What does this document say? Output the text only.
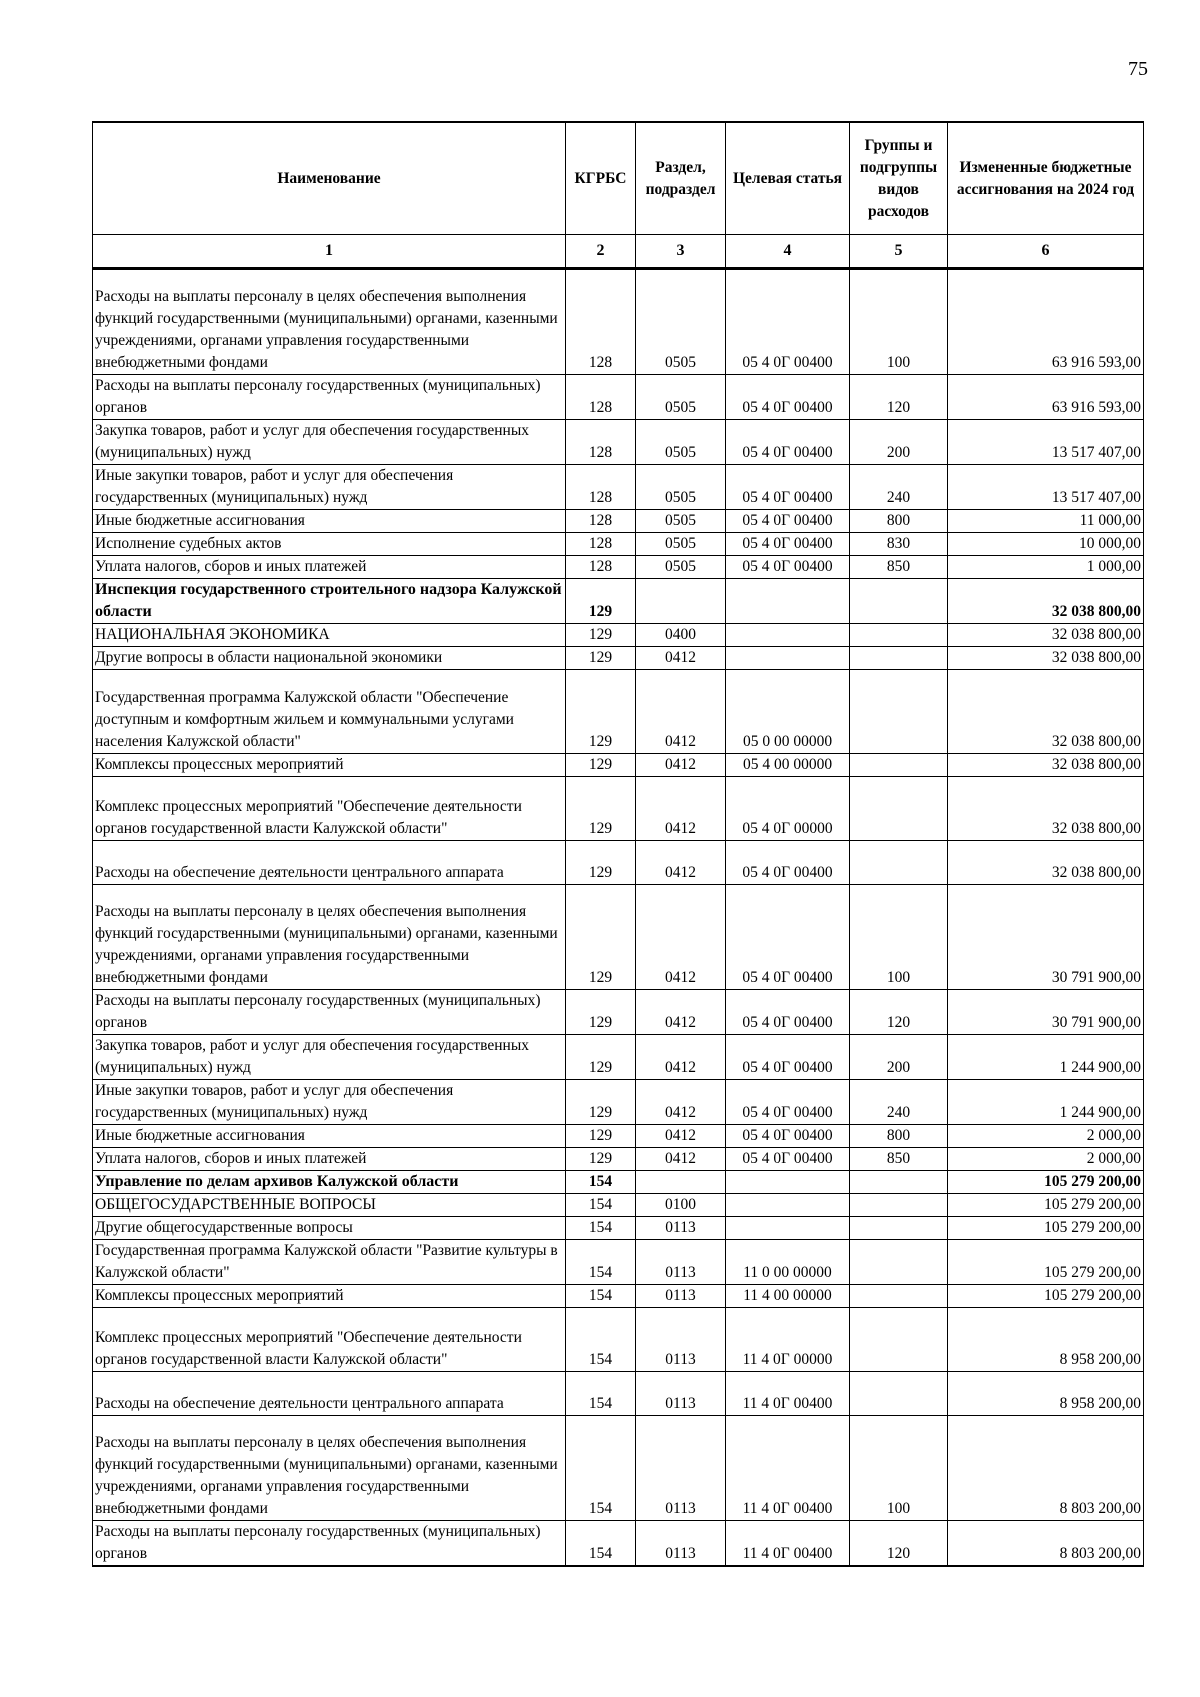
75
Наименование	КГРБС	Раздел, подраздел	Целевая статья	Группы и подгруппы видов расходов	Измененные бюджетные ассигнования на 2024 год
1	2	3	4	5	6
Расходы на выплаты персоналу в целях обеспечения выполнения функций государственными (муниципальными) органами, казенными учреждениями, органами управления государственными внебюджетными фондами	128	0505	05 4 0Г 00400	100	63 916 593,00
Расходы на выплаты персоналу государственных (муниципальных) органов	128	0505	05 4 0Г 00400	120	63 916 593,00
Закупка товаров, работ и услуг для обеспечения государственных (муниципальных) нужд	128	0505	05 4 0Г 00400	200	13 517 407,00
Иные закупки товаров, работ и услуг для обеспечения государственных (муниципальных) нужд	128	0505	05 4 0Г 00400	240	13 517 407,00
Иные бюджетные ассигнования	128	0505	05 4 0Г 00400	800	11 000,00
Исполнение судебных актов	128	0505	05 4 0Г 00400	830	10 000,00
Уплата налогов, сборов и иных платежей	128	0505	05 4 0Г 00400	850	1 000,00
Инспекция государственного строительного надзора Калужской области	129				32 038 800,00
НАЦИОНАЛЬНАЯ ЭКОНОМИКА	129	0400			32 038 800,00
Другие вопросы в области национальной экономики	129	0412			32 038 800,00
Государственная программа Калужской области "Обеспечение доступным и комфортным жильем и коммунальными услугами населения Калужской области"	129	0412	05 0 00 00000		32 038 800,00
Комплексы процессных мероприятий	129	0412	05 4 00 00000		32 038 800,00
Комплекс процессных мероприятий "Обеспечение деятельности органов государственной власти Калужской области"	129	0412	05 4 0Г 00000		32 038 800,00
Расходы на обеспечение деятельности центрального аппарата	129	0412	05 4 0Г 00400		32 038 800,00
Расходы на выплаты персоналу в целях обеспечения выполнения функций государственными (муниципальными) органами, казенными учреждениями, органами управления государственными внебюджетными фондами	129	0412	05 4 0Г 00400	100	30 791 900,00
Расходы на выплаты персоналу государственных (муниципальных) органов	129	0412	05 4 0Г 00400	120	30 791 900,00
Закупка товаров, работ и услуг для обеспечения государственных (муниципальных) нужд	129	0412	05 4 0Г 00400	200	1 244 900,00
Иные закупки товаров, работ и услуг для обеспечения государственных (муниципальных) нужд	129	0412	05 4 0Г 00400	240	1 244 900,00
Иные бюджетные ассигнования	129	0412	05 4 0Г 00400	800	2 000,00
Уплата налогов, сборов и иных платежей	129	0412	05 4 0Г 00400	850	2 000,00
Управление по делам архивов Калужской области	154				105 279 200,00
ОБЩЕГОСУДАРСТВЕННЫЕ ВОПРОСЫ	154	0100			105 279 200,00
Другие общегосударственные вопросы	154	0113			105 279 200,00
Государственная программа Калужской области "Развитие культуры в Калужской области"	154	0113	11 0 00 00000		105 279 200,00
Комплексы процессных мероприятий	154	0113	11 4 00 00000		105 279 200,00
Комплекс процессных мероприятий "Обеспечение деятельности органов государственной власти Калужской области"	154	0113	11 4 0Г 00000		8 958 200,00
Расходы на обеспечение деятельности центрального аппарата	154	0113	11 4 0Г 00400		8 958 200,00
Расходы на выплаты персоналу в целях обеспечения выполнения функций государственными (муниципальными) органами, казенными учреждениями, органами управления государственными внебюджетными фондами	154	0113	11 4 0Г 00400	100	8 803 200,00
Расходы на выплаты персоналу государственных (муниципальных) органов	154	0113	11 4 0Г 00400	120	8 803 200,00
